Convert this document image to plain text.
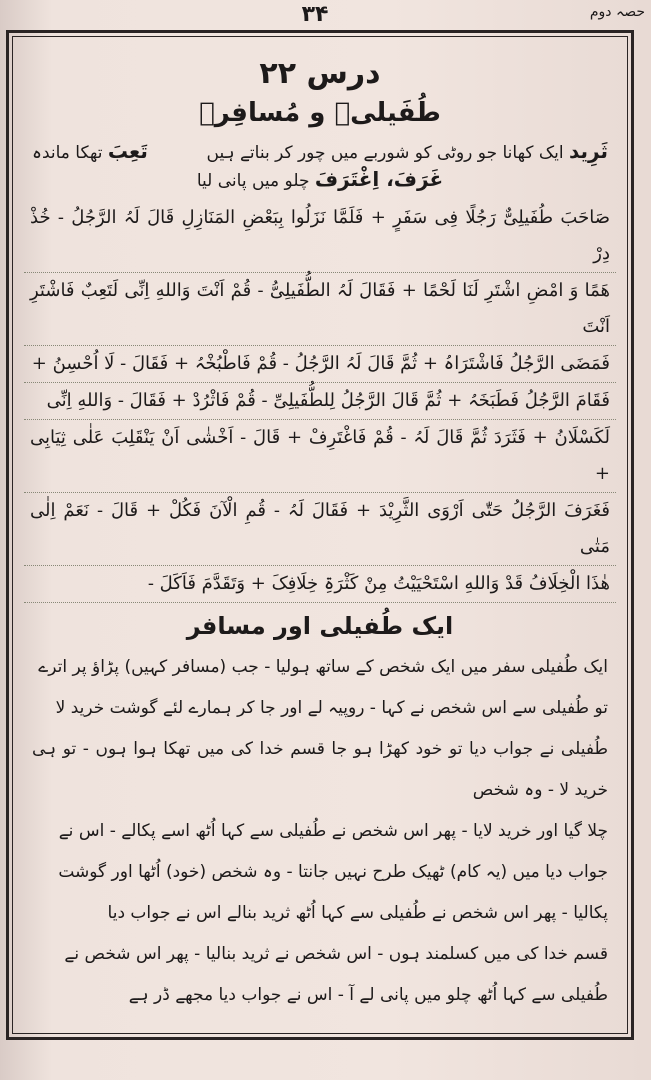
۳۴	حصہ دوم
درس ۲۲
طُفَیلیؒ و مُسافِرؒ
ثَرِید ایک کھانا جو روٹی کو شوربے میں چور کر بناتے ہیں
تَعِبَ تھکا ماندہ
غَرَفَ، اِغْتَرَفَ چلو میں پانی لیا
صَاحَبَ طُفَیلِیٌّ رَجُلًا فِی سَفَرٍ + فَلَمَّا نَزَلُوا بِبَعْضِ المَنَازِلِ قَالَ لَہُ الرَّجُلُ - خُذْ دِرْ
ھَمًا وَ امْضِ اشْتَرِ لَنَا لَحْمًا + فَقَالَ لَہُ الطُّفَیلِیُّ - قُمْ اَنْتَ وَاللهِ اِنِّی لَتَعِبٌ فَاشْتَرِ اَنْتَ
فَمَضَی الرَّجُلُ فَاشْتَرَاہُ + ثُمَّ قَالَ لَہُ الرَّجُلُ - قُمْ فَاطْبُخْہُ + فَقَالَ - لَا اُحْسِنُ +
فَقَامَ الرَّجُلُ فَطَبَخَہُ + ثُمَّ قَالَ الرَّجُلُ لِلطُّفَیلِیِّ - قُمْ فَاثْرُدْ + فَقَالَ - وَاللهِ اِنِّی
لَکَسْلَانُ + فَثَرَدَ ثُمَّ قَالَ لَہُ - قُمْ فَاغْتَرِفْ + قَالَ - اَخْشٰی اَنْ یَنْقَلِبَ عَلٰی ثِیَابِی +
فَغَرَفَ الرَّجُلُ حَتّٰی اَرْوَی الثَّرِیْدَ + فَقَالَ لَہُ - قُمِ الْآنَ فَکُلْ + قَالَ - نَعَمْ اِلٰی مَتٰی
ھٰذَا الْخِلَافُ قَدْ وَاللهِ اسْتَحْیَیْتُ مِنْ کَثْرَۃِ خِلَافِکَ + وَتَقَدَّمَ فَاَکَلَ -
ایک طُفیلی اور مسافر

ایک طُفیلی سفر میں ایک شخص کے ساتھ ہولیا - جب (مسافر کہیں) پڑاؤ پر اترے

تو طُفیلی سے اس شخص نے کہا - روپیہ لے اور جا کر ہمارے لئے گوشت خرید لا

طُفیلی نے جواب دیا تو خود کھڑا ہو جا قسم خدا کی میں تھکا ہوا ہوں - تو ہی خرید لا - وہ شخص

چلا گیا اور خرید لایا - پھر اس شخص نے طُفیلی سے کہا اُٹھ اسے پکالے - اس نے

جواب دیا میں (یہ کام) ٹھیک طرح نہیں جانتا - وہ شخص (خود) اُٹھا اور گوشت

پکالیا - پھر اس شخص نے طُفیلی سے کہا اُٹھ ثرید بنالے اس نے جواب دیا

قسم خدا کی میں کسلمند ہوں - اس شخص نے ثرید بنالیا - پھر اس شخص نے

طُفیلی سے کہا اُٹھ چلو میں پانی لے آ - اس نے جواب دیا مجھے ڈر ہے
